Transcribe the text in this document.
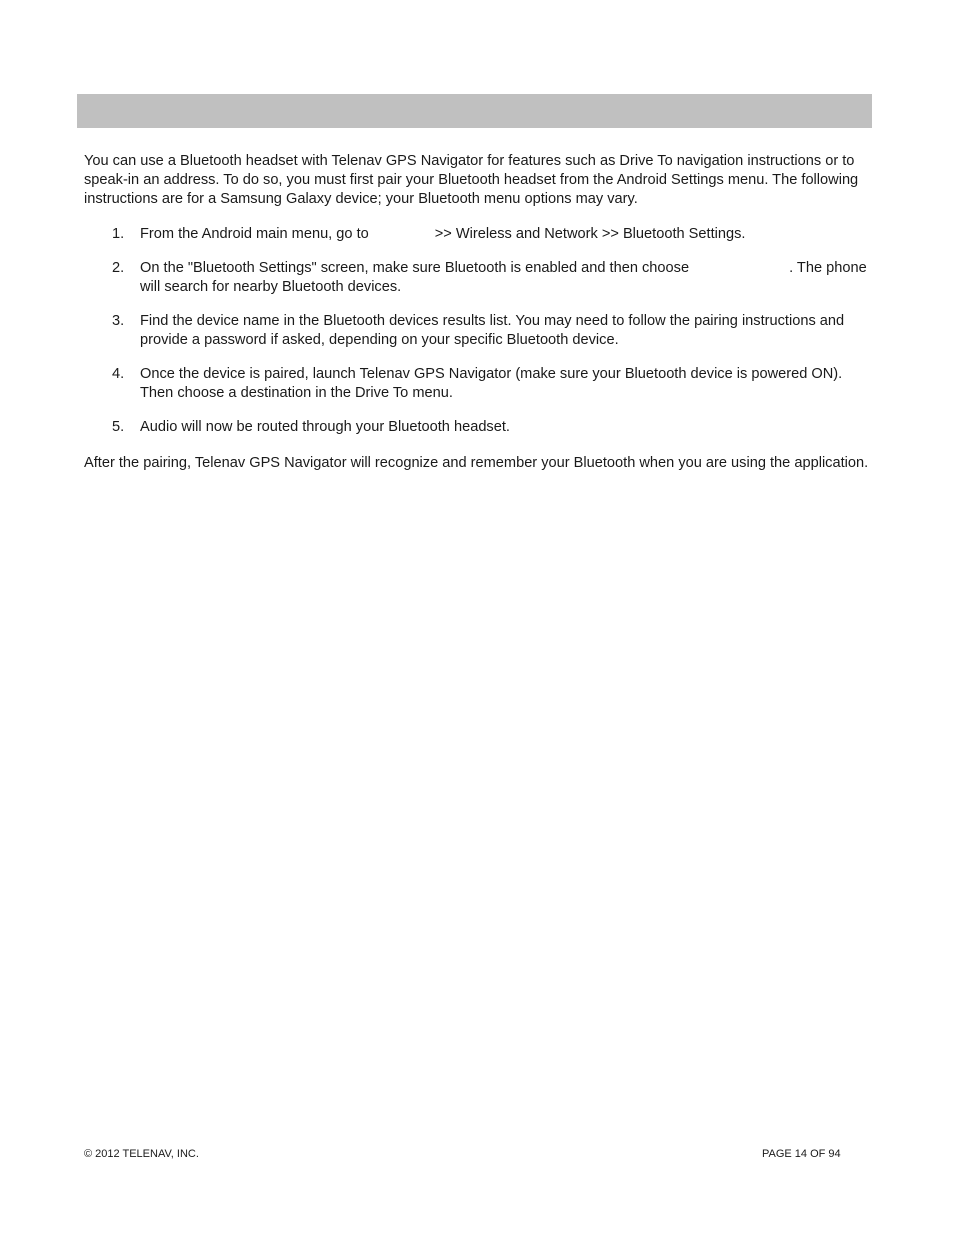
You can use a Bluetooth headset with Telenav GPS Navigator for features such as Drive To navigation instructions or to speak-in an address. To do so, you must first pair your Bluetooth headset from the Android Settings menu. The following instructions are for a Samsung Galaxy device; your Bluetooth menu options may vary.

1. From the Android main menu, go to	>> Wireless and Network >> Bluetooth Settings.
2. On the "Bluetooth Settings" screen, make sure Bluetooth is enabled and then choose	. The phone will search for nearby Bluetooth devices.
3. Find the device name in the Bluetooth devices results list. You may need to follow the pairing instructions and provide a password if asked, depending on your specific Bluetooth device.
4. Once the device is paired, launch Telenav GPS Navigator (make sure your Bluetooth device is powered ON). Then choose a destination in the Drive To menu.
5. Audio will now be routed through your Bluetooth headset.

After the pairing, Telenav GPS Navigator will recognize and remember your Bluetooth when you are using the application.

© 2012 TELENAV, INC.	PAGE 14 OF 94
